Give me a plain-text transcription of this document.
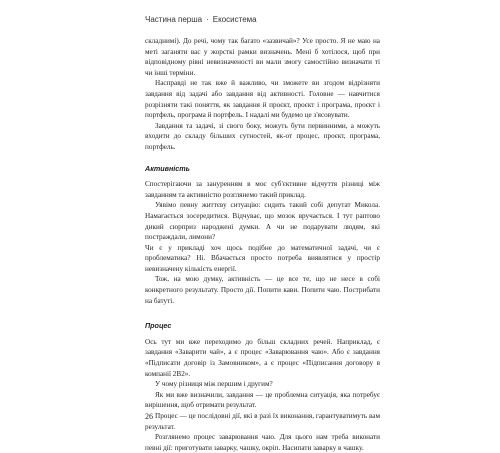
Частина перша · Екосистема

складнимі). До речі, чому так багато «зазвичай»? Усе просто. Я не маю на меті заганяти вас у жорсткі рамки визначень. Мені б хотілося, щоб при відповідному рівні невизначеності ви мали змогу самостійно визначати ті чи інші терміни.

Насправді не так вже й важливо, чи зможете ви згодом відрізняти завдання від задачі або завдання від активності. Головне — навчитися розрізняти такі поняття, як завдання й проєкт, проєкт і програма, проєкт і портфель, програма й портфель. І надалі ми будемо це з'ясовувати.

Завдання та задачі, зі свого боку, можуть бути первинними, а можуть входити до складу більших сутностей, як-от процес, проєкт, програма, портфель.

Активність

Спостерігаючи за зануренням в моє суб'єктивне відчуття різниці між завданням та активністю розглянемо такий приклад.

Уявімо певну життєву ситуацію: сидить такий собі депутат Микола. Намагається зосередитися. Відчуває, що мозок вручається. І тут раптово дикий сюрприз народжені думки. А чи не подарувати людям, які постраждали, лимони?

Чи є у прикладі хоч щось подібне до математичної задачі, чи є проблематика? Ні. Вбачається просто потреба виявлятися у простір невизначену кількість енергії.

Тож, на мою думку, активність — це все те, що не несе в собі конкретного результату. Просто дії. Попити кави. Попити чаю. Пострибати на батуті.

Процес

Ось тут ми вже переходимо до більш складних речей. Наприклад, є завдання «Заварити чай», а є процес «Заварювання чаю». Або є завдання «Підписати договір із Замовником», а є процес «Підписання договору в компанії 2В2».

У чому різниця між першим і другим?

Як ми вже визначили, завдання — це проблемна ситуація, яка потребує вирішення, щоб отримати результат.

Процес — це послідовні дії, які в разі їх виконання, гарантуватимуть вам результат.

Розглянемо процес заварювання чаю. Для цього нам треба виконати певні дії: приготувати заварку, чашку, окріп. Насипати заварку в чашку.

26
